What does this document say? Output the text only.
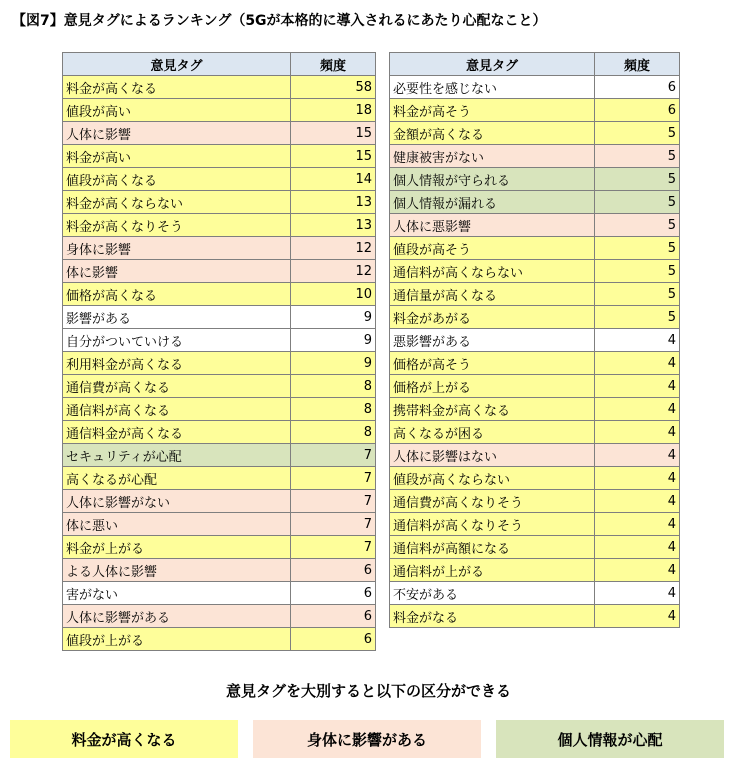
【図7】意見タグによるランキング（5Gが本格的に導入されるにあたり心配なこと）
意見タグ	頻度
料金が高くなる	58
値段が高い	18
人体に影響	15
料金が高い	15
値段が高くなる	14
料金が高くならない	13
料金が高くなりそう	13
身体に影響	12
体に影響	12
価格が高くなる	10
影響がある	9
自分がついていける	9
利用料金が高くなる	9
通信費が高くなる	8
通信料が高くなる	8
通信料金が高くなる	8
セキュリティが心配	7
高くなるが心配	7
人体に影響がない	7
体に悪い	7
料金が上がる	7
よる人体に影響	6
害がない	6
人体に影響がある	6
値段が上がる	6
意見タグ	頻度
必要性を感じない	6
料金が高そう	6
金額が高くなる	5
健康被害がない	5
個人情報が守られる	5
個人情報が漏れる	5
人体に悪影響	5
値段が高そう	5
通信料が高くならない	5
通信量が高くなる	5
料金があがる	5
悪影響がある	4
価格が高そう	4
価格が上がる	4
携帯料金が高くなる	4
高くなるが困る	4
人体に影響はない	4
値段が高くならない	4
通信費が高くなりそう	4
通信料が高くなりそう	4
通信料が高額になる	4
通信料が上がる	4
不安がある	4
料金がなる	4
意見タグを大別すると以下の区分ができる
料金が高くなる	身体に影響がある	個人情報が心配
